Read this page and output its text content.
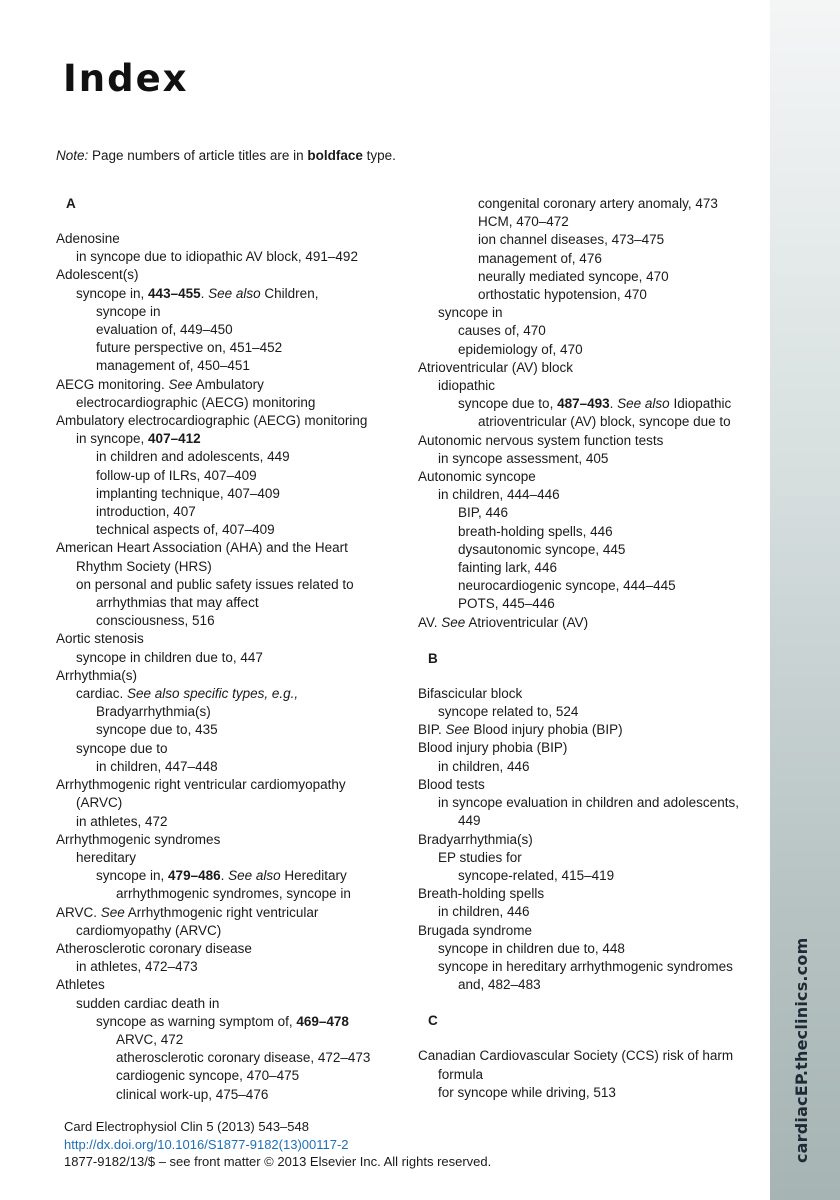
cardiacEP.theclinics.com
Index
Note: Page numbers of article titles are in boldface type.
A
Adenosine
in syncope due to idiopathic AV block, 491–492
Adolescent(s)
syncope in, 443–455. See also Children,
syncope in
evaluation of, 449–450
future perspective on, 451–452
management of, 450–451
AECG monitoring. See Ambulatory
electrocardiographic (AECG) monitoring
Ambulatory electrocardiographic (AECG) monitoring
in syncope, 407–412
in children and adolescents, 449
follow-up of ILRs, 407–409
implanting technique, 407–409
introduction, 407
technical aspects of, 407–409
American Heart Association (AHA) and the Heart
Rhythm Society (HRS)
on personal and public safety issues related to
arrhythmias that may affect
consciousness, 516
Aortic stenosis
syncope in children due to, 447
Arrhythmia(s)
cardiac. See also specific types, e.g.,
Bradyarrhythmia(s)
syncope due to, 435
syncope due to
in children, 447–448
Arrhythmogenic right ventricular cardiomyopathy
(ARVC)
in athletes, 472
Arrhythmogenic syndromes
hereditary
syncope in, 479–486. See also Hereditary
arrhythmogenic syndromes, syncope in
ARVC. See Arrhythmogenic right ventricular
cardiomyopathy (ARVC)
Atherosclerotic coronary disease
in athletes, 472–473
Athletes
sudden cardiac death in
syncope as warning symptom of, 469–478
ARVC, 472
atherosclerotic coronary disease, 472–473
cardiogenic syncope, 470–475
clinical work-up, 475–476
congenital coronary artery anomaly, 473
HCM, 470–472
ion channel diseases, 473–475
management of, 476
neurally mediated syncope, 470
orthostatic hypotension, 470
syncope in
causes of, 470
epidemiology of, 470
Atrioventricular (AV) block
idiopathic
syncope due to, 487–493. See also Idiopathic
atrioventricular (AV) block, syncope due to
Autonomic nervous system function tests
in syncope assessment, 405
Autonomic syncope
in children, 444–446
BIP, 446
breath-holding spells, 446
dysautonomic syncope, 445
fainting lark, 446
neurocardiogenic syncope, 444–445
POTS, 445–446
AV. See Atrioventricular (AV)
B
Bifascicular block
syncope related to, 524
BIP. See Blood injury phobia (BIP)
Blood injury phobia (BIP)
in children, 446
Blood tests
in syncope evaluation in children and adolescents,
449
Bradyarrhythmia(s)
EP studies for
syncope-related, 415–419
Breath-holding spells
in children, 446
Brugada syndrome
syncope in children due to, 448
syncope in hereditary arrhythmogenic syndromes
and, 482–483
C
Canadian Cardiovascular Society (CCS) risk of harm
formula
for syncope while driving, 513
Card Electrophysiol Clin 5 (2013) 543–548
http://dx.doi.org/10.1016/S1877-9182(13)00117-2
1877-9182/13/$ – see front matter © 2013 Elsevier Inc. All rights reserved.
